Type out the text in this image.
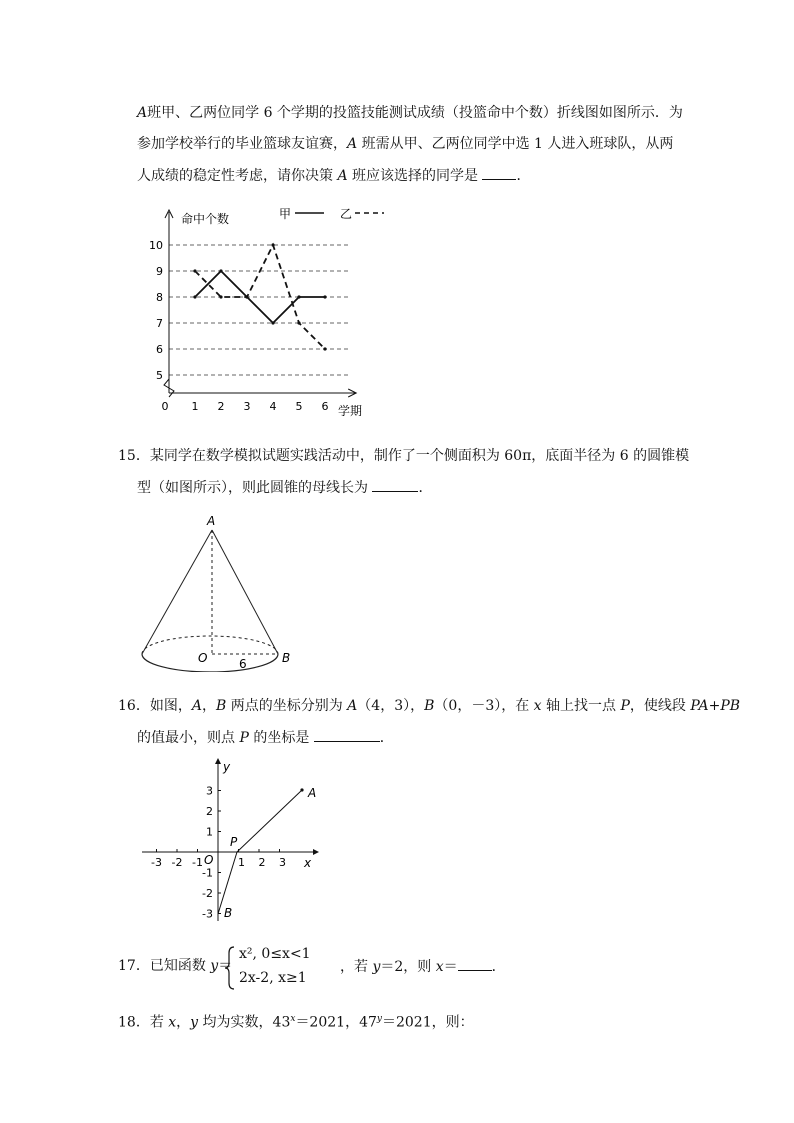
A班甲、乙两位同学 6 个学期的投篮技能测试成绩（投篮命中个数）折线图如图所示．为
参加学校举行的毕业篮球友谊赛，A 班需从甲、乙两位同学中选 1 人进入班球队，从两
人成绩的稳定性考虑，请你决策 A 班应该选择的同学是 ．
5
6
7
8
9
10
0 1 2 3 4 5 6
命中个数
学期
甲	乙
15．某同学在数学模拟试题实践活动中，制作了一个侧面积为 60π，底面半径为 6 的圆锥模
型（如图所示），则此圆锥的母线长为	．
A
O	B
6
16．如图，A，B 两点的坐标分别为 A（4，3），B（0，－3），在 x 轴上找一点 P，使线段 PA+PB
的值最小，则点 P 的坐标是	．
-3 -2 -1	1 2 3
3
2
1
-1
-2
-3
A
B
P
O	x
y
17．已知函数 y＝
x², 0≤x<1
2x-2, x≥1
，若 y＝2，则 x＝ ．
18．若 x，y 均为实数，$43^x=2021$，$47^y=2021$，则：
